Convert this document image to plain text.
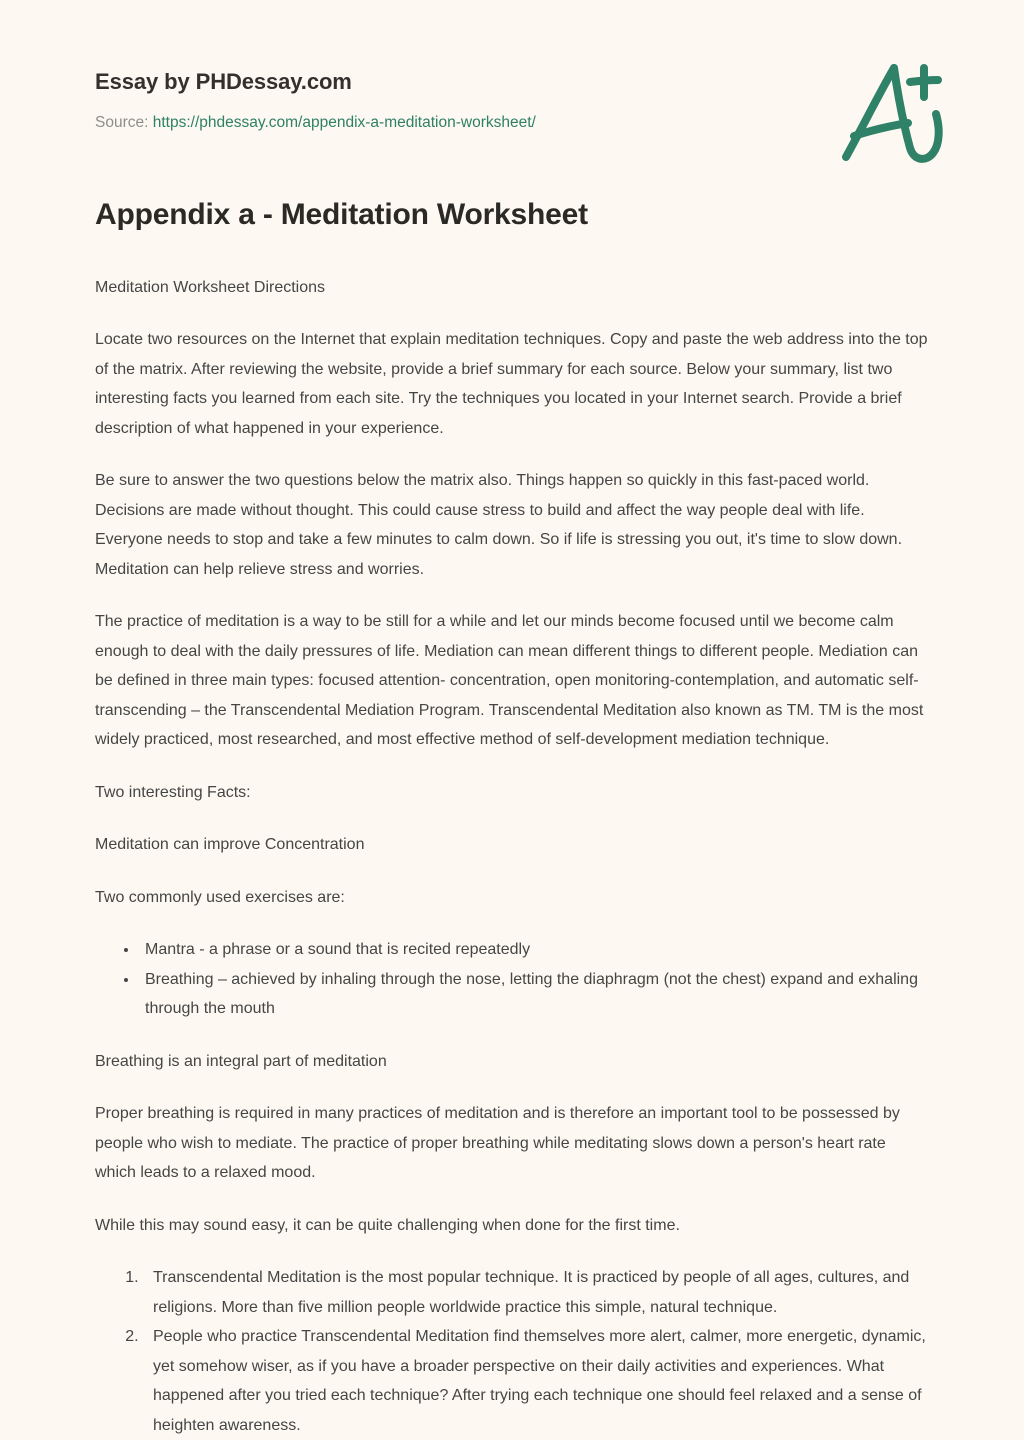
Essay by PHDessay.com
Source: https://phdessay.com/appendix-a-meditation-worksheet/
Appendix a - Meditation Worksheet

Meditation Worksheet Directions

Locate two resources on the Internet that explain meditation techniques. Copy and paste the web address into the top of the matrix. After reviewing the website, provide a brief summary for each source. Below your summary, list two interesting facts you learned from each site. Try the techniques you located in your Internet search. Provide a brief description of what happened in your experience.

Be sure to answer the two questions below the matrix also. Things happen so quickly in this fast-paced world. Decisions are made without thought. This could cause stress to build and affect the way people deal with life. Everyone needs to stop and take a few minutes to calm down. So if life is stressing you out, it's time to slow down. Meditation can help relieve stress and worries.

The practice of meditation is a way to be still for a while and let our minds become focused until we become calm enough to deal with the daily pressures of life. Mediation can mean different things to different people. Mediation can be defined in three main types: focused attention- concentration, open monitoring-contemplation, and automatic self-transcending – the Transcendental Mediation Program. Transcendental Meditation also known as TM. TM is the most widely practiced, most researched, and most effective method of self-development mediation technique.

Two interesting Facts:

Meditation can improve Concentration

Two commonly used exercises are:

• Mantra - a phrase or a sound that is recited repeatedly
• Breathing – achieved by inhaling through the nose, letting the diaphragm (not the chest) expand and exhaling through the mouth

Breathing is an integral part of meditation

Proper breathing is required in many practices of meditation and is therefore an important tool to be possessed by people who wish to mediate. The practice of proper breathing while meditating slows down a person's heart rate which leads to a relaxed mood.

While this may sound easy, it can be quite challenging when done for the first time.

1. Transcendental Meditation is the most popular technique. It is practiced by people of all ages, cultures, and religions. More than five million people worldwide practice this simple, natural technique.
2. People who practice Transcendental Meditation find themselves more alert, calmer, more energetic, dynamic, yet somehow wiser, as if you have a broader perspective on their daily activities and experiences. What happened after you tried each technique? After trying each technique one should feel relaxed and a sense of heighten awareness.
